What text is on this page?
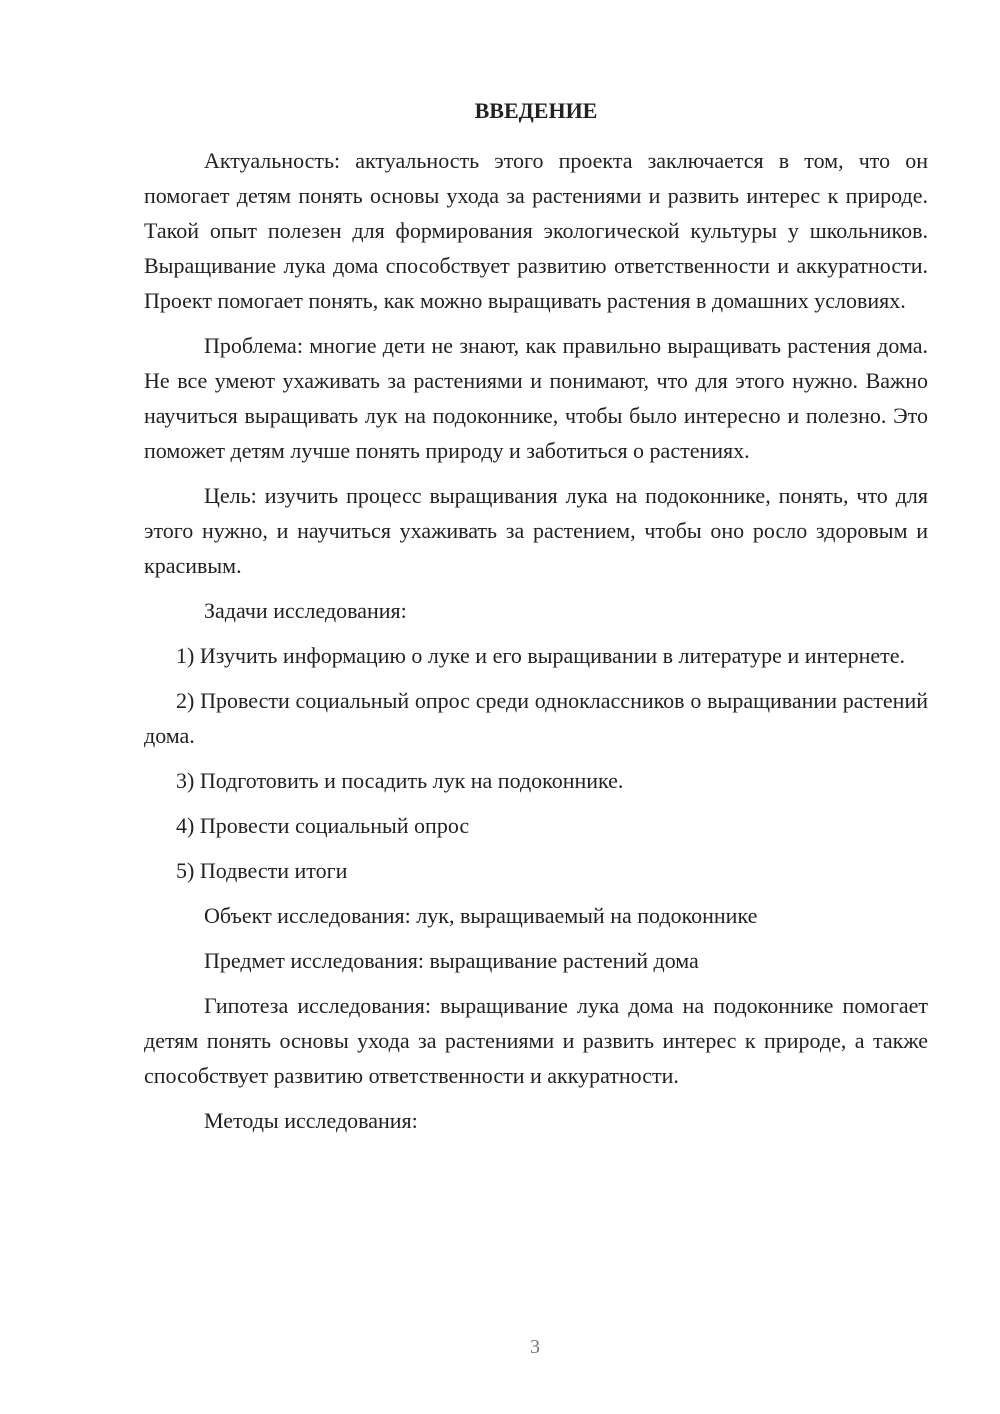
ВВЕДЕНИЕ

Актуальность: актуальность этого проекта заключается в том, что он помогает детям понять основы ухода за растениями и развить интерес к природе. Такой опыт полезен для формирования экологической культуры у школьников. Выращивание лука дома способствует развитию ответственности и аккуратности. Проект помогает понять, как можно выращивать растения в домашних условиях.

Проблема: многие дети не знают, как правильно выращивать растения дома. Не все умеют ухаживать за растениями и понимают, что для этого нужно. Важно научиться выращивать лук на подоконнике, чтобы было интересно и полезно. Это поможет детям лучше понять природу и заботиться о растениях.

Цель: изучить процесс выращивания лука на подоконнике, понять, что для этого нужно, и научиться ухаживать за растением, чтобы оно росло здоровым и красивым.

Задачи исследования:

1) Изучить информацию о луке и его выращивании в литературе и интернете.

2) Провести социальный опрос среди одноклассников о выращивании растений дома.

3) Подготовить и посадить лук на подоконнике.

4) Провести социальный опрос

5) Подвести итоги

Объект исследования: лук, выращиваемый на подоконнике

Предмет исследования: выращивание растений дома

Гипотеза исследования: выращивание лука дома на подоконнике помогает детям понять основы ухода за растениями и развить интерес к природе, а также способствует развитию ответственности и аккуратности.

Методы исследования:

3
